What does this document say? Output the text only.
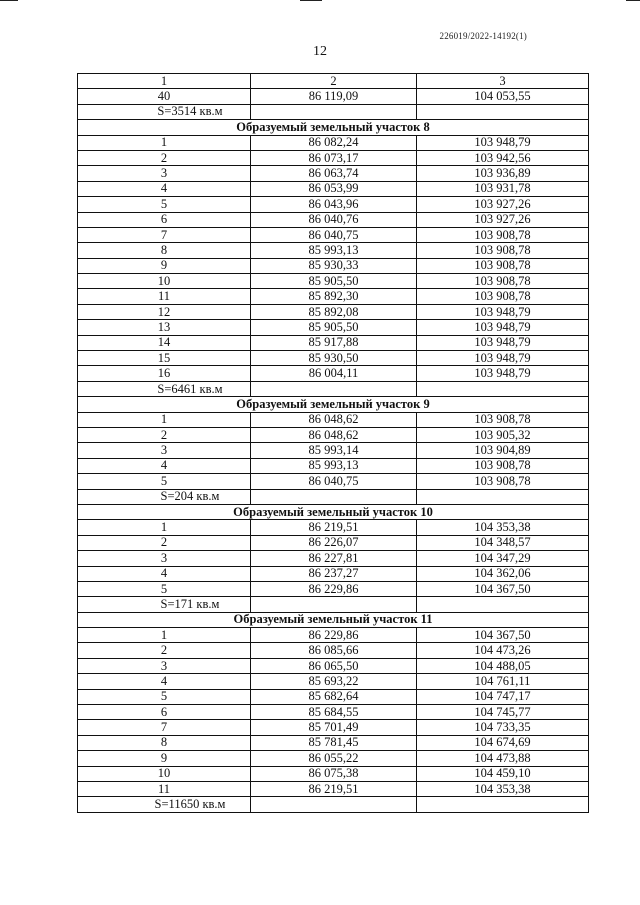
226019/2022-14192(1)
12
1	2	3
40	86 119,09	104 053,55
S=3514 кв.м		
Образуемый земельный участок 8		
1	86 082,24	103 948,79
2	86 073,17	103 942,56
3	86 063,74	103 936,89
4	86 053,99	103 931,78
5	86 043,96	103 927,26
6	86 040,76	103 927,26
7	86 040,75	103 908,78
8	85 993,13	103 908,78
9	85 930,33	103 908,78
10	85 905,50	103 908,78
11	85 892,30	103 908,78
12	85 892,08	103 948,79
13	85 905,50	103 948,79
14	85 917,88	103 948,79
15	85 930,50	103 948,79
16	86 004,11	103 948,79
S=6461 кв.м		
Образуемый земельный участок 9		
1	86 048,62	103 908,78
2	86 048,62	103 905,32
3	85 993,14	103 904,89
4	85 993,13	103 908,78
5	86 040,75	103 908,78
S=204 кв.м		
Образуемый земельный участок 10		
1	86 219,51	104 353,38
2	86 226,07	104 348,57
3	86 227,81	104 347,29
4	86 237,27	104 362,06
5	86 229,86	104 367,50
S=171 кв.м		
Образуемый земельный участок 11		
1	86 229,86	104 367,50
2	86 085,66	104 473,26
3	86 065,50	104 488,05
4	85 693,22	104 761,11
5	85 682,64	104 747,17
6	85 684,55	104 745,77
7	85 701,49	104 733,35
8	85 781,45	104 674,69
9	86 055,22	104 473,88
10	86 075,38	104 459,10
11	86 219,51	104 353,38
S=11650 кв.м		
